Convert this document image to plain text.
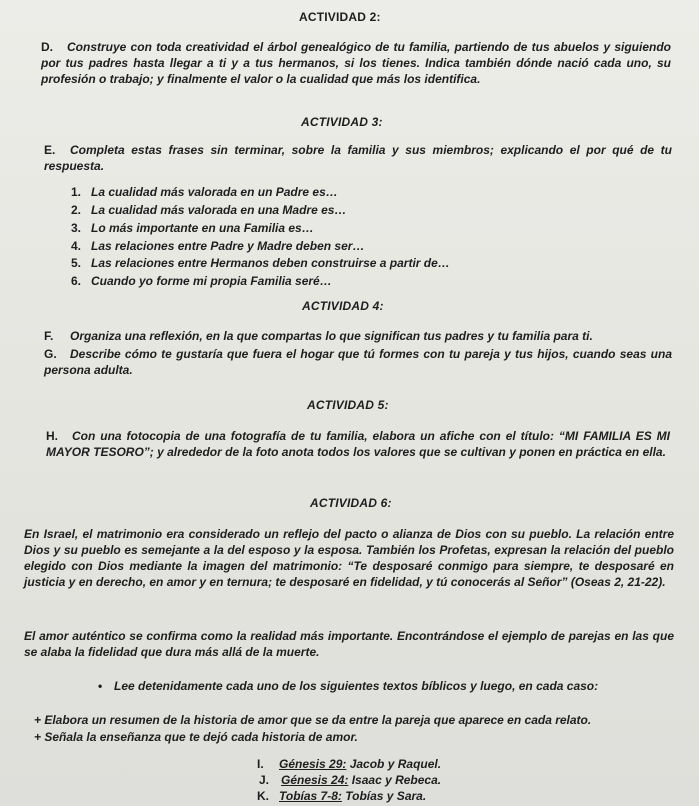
ACTIVIDAD 2:

D. Construye con toda creatividad el árbol genealógico de tu familia, partiendo de tus abuelos y siguiendo por tus padres hasta llegar a ti y a tus hermanos, si los tienes. Indica también dónde nació cada uno, su profesión o trabajo; y finalmente el valor o la cualidad que más los identifica.

ACTIVIDAD 3:

E. Completa estas frases sin terminar, sobre la familia y sus miembros; explicando el por qué de tu respuesta.

1. La cualidad más valorada en un Padre es…

2. La cualidad más valorada en una Madre es…

3. Lo más importante en una Familia es…

4. Las relaciones entre Padre y Madre deben ser…

5. Las relaciones entre Hermanos deben construirse a partir de…

6. Cuando yo forme mi propia Familia seré…

ACTIVIDAD 4:

F. Organiza una reflexión, en la que compartas lo que significan tus padres y tu familia para ti.

G. Describe cómo te gustaría que fuera el hogar que tú formes con tu pareja y tus hijos, cuando seas una persona adulta.

ACTIVIDAD 5:

H. Con una fotocopia de una fotografía de tu familia, elabora un afiche con el título: “MI FAMILIA ES MI MAYOR TESORO”; y alrededor de la foto anota todos los valores que se cultivan y ponen en práctica en ella.

ACTIVIDAD 6:

En Israel, el matrimonio era considerado un reflejo del pacto o alianza de Dios con su pueblo. La relación entre Dios y su pueblo es semejante a la del esposo y la esposa. También los Profetas, expresan la relación del pueblo elegido con Dios mediante la imagen del matrimonio: “Te desposaré conmigo para siempre, te desposaré en justicia y en derecho, en amor y en ternura; te desposaré en fidelidad, y tú conocerás al Señor” (Oseas 2, 21-22).

El amor auténtico se confirma como la realidad más importante. Encontrándose el ejemplo de parejas en las que se alaba la fidelidad que dura más allá de la muerte.

• Lee detenidamente cada uno de los siguientes textos bíblicos y luego, en cada caso:

+ Elabora un resumen de la historia de amor que se da entre la pareja que aparece en cada relato.

+ Señala la enseñanza que te dejó cada historia de amor.

I. Génesis 29: Jacob y Raquel.
J. Génesis 24: Isaac y Rebeca.
K. Tobías 7-8: Tobías y Sara.
